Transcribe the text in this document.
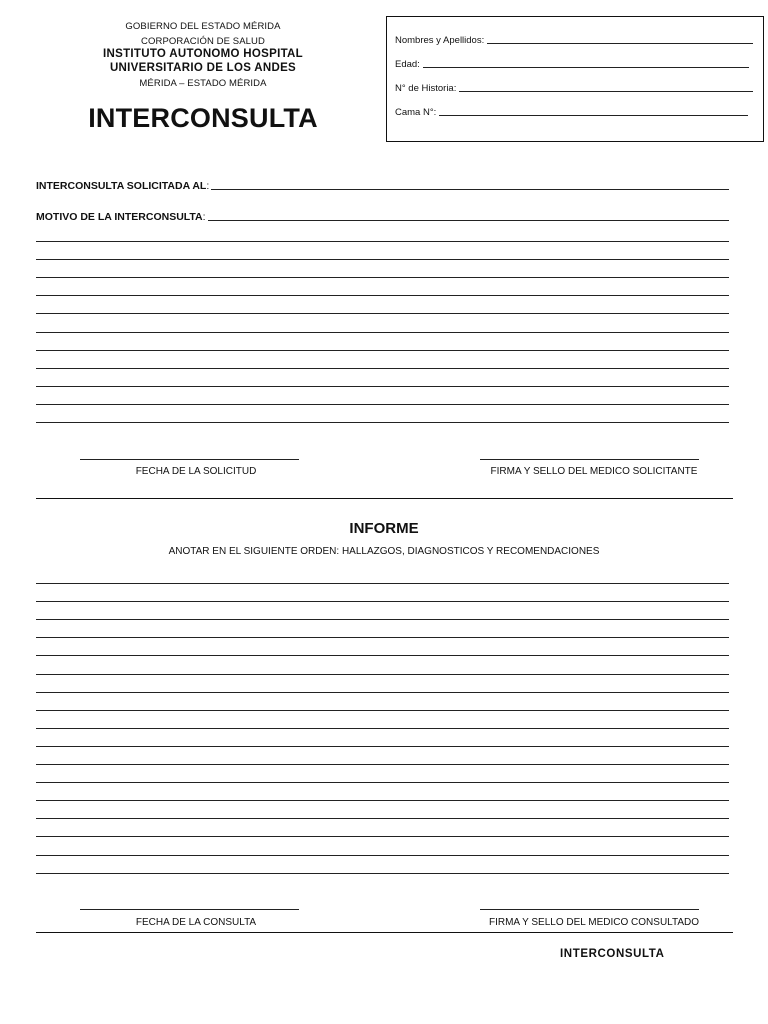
GOBIERNO DEL ESTADO MÉRIDA
CORPORACIÓN DE SALUD
INSTITUTO AUTONOMO HOSPITAL
UNIVERSITARIO DE LOS ANDES
MÉRIDA – ESTADO MÉRIDA
INTERCONSULTA
Nombres y Apellidos:
Edad:
N° de Historia:
Cama N°:
INTERCONSULTA SOLICITADA AL:
MOTIVO DE LA INTERCONSULTA:
FECHA DE LA SOLICITUD	FIRMA Y SELLO DEL MEDICO SOLICITANTE
INFORME
ANOTAR EN EL SIGUIENTE ORDEN: HALLAZGOS, DIAGNOSTICOS Y RECOMENDACIONES
FECHA DE LA CONSULTA	FIRMA Y SELLO DEL MEDICO CONSULTADO
INTERCONSULTA
